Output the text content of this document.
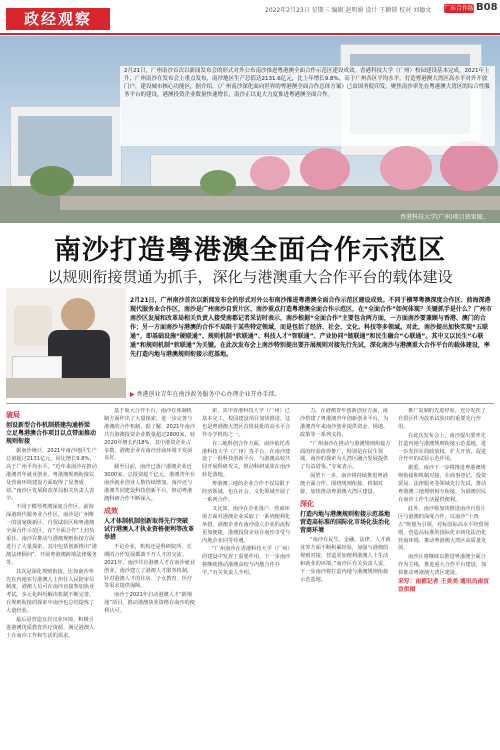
政经观察	2022年2月23日 星期三 编辑 赵明娟 设计 王颖锁 校对 刘德文 广东合作版 B08
2月21日，广州南沙首次以新闻发布会的形式对外公布南沙推进粤港澳全面合作示范区建设成效。香港科技大学（广州）校园建设基本完成，2021年上升，广州南沙在发布会上重点发布，南沙地区生产总值达2131.6亿元，比上年增长9.8%，高于广州各区平均水平。打造粤港澳大湾区高水平对外开放门户，建设城市核心功能区，据介绍，《广州南沙深化面向世界的粤港澳全面合作总体方案》已由国务院印发，聚焦南沙率先在粤港澳大湾区的综合性服务平台的建设，港澳投资企业数量快速增长，南沙正以更大力度推进粤港澳全面合作。
香港科技大学(广州)项目效果图。
南沙打造粤港澳全面合作示范区
以规则衔接贯通为抓手，深化与港澳重大合作平台的载体建设
2月21日，广州南沙首次以新闻发布会的形式对外公布南沙推进粤港澳全面合作示范区建设成效。不同于横琴粤澳深度合作区、前海深港现代服务业合作区，南沙是广州南沙自贸片区、南沙重点打造粤港澳全面合作示范区，在“全面合作”如何体现？关键抓手是什么？广州市南沙区发展和改革局相关负责人接受南都记者采访时表示，南沙根据“全面合作”主要包含两方面，一方面南沙要兼顾与香港、澳门的合作；另一方面南沙与港澳的合作不局限于某些特定领域，而是包括了经济、社会、文化、科技等多领域。对此，南沙提出加快实现“五联通”，即基础设施“硬联通”、规则机制“软联通”、科技人才“智联通”、产业协同“链联通”和民生融合“心联通”。其中又以民生“心联通”和规则机制“软联通”为关键。在此次发布会上南沙特别提出要开展规则对接先行先试，深化南沙与港澳重大合作平台的载体建设，率先打造内地与港澳规则衔接示范基地。
▶ 香港创业青年在南沙政务服务中心办理企业开办手续。
破局
创设新型合作机制搭建沟通桥梁 立足粤港澳合作项目以点带面推动规则衔接

据南沙统计，2021年南沙地区生产总值超过2131亿元，同比增长9.8%，高于广州平均水平。“近年来南沙在推动港澳青年就业创业、粤港澳规则衔接以及营商环境建设方面取得了显著成效。”南沙区发展和改革局相关负责人表示。

不同于横琴粤澳深度合作区、前海深港现代服务业合作区，南沙是广州唯一的国家级新区、自贸试验区和粤港澳全面合作示范区，在“全面合作”上肩负重任。南沙在推动与港澳规则衔接方面进行了大量探索，其中包括创新推出“港澳法律顾问”，开展粤港澳跨境法律服务等。

其次是深化规则衔接。比如南沙率先在内地实行港澳人士担任人民陪审员制度，港澳人员可在南沙直接参加执业考试。多元化纠纷解决机制不断完善，在规则衔接的探索中南沙也总结提炼了大量经验。

最后是营造宜居宜业环境，积极引进港澳优质教育医疗资源，满足港澳人士在南沙工作和生活的需求。

基于重大合作平台，南沙在体制机制方面作出了大量探索，进一步完善与港澳的合作机制。据了解，2021年南沙共有港澳投资企业数量超过2800家，较2020年增长约18%，其中港资企业占多数，港澳企业在南沙营商环境下发展良好。

截至目前，南沙已落户港澳企业近3000家，总投资超千亿元，港澳青年在南沙就业创业人数持续增加。南沙还与港澳共同建设科技创新平台，推动粤港澳科研合作不断深入。

成效
人才体制机制创新取得先行突破 试行港澳人才执业资格便利等改革举措

不论企业，机构还是科研院所，长期的合作发展都离不开人才的交流。2021年，南沙共有港澳人才在南沙就业创业，南沙建立了港澳人才服务机制，针对港澳人才的住房、子女教育、医疗等需求提供保障。

南沙于2021年启动港澳人才“跨境通”项目，推动港澳执业资格在南沙的便利认可。

索，其中香港科技大学（广州）已基本完工，校园建设项目加快推进。这也是粤港澳大湾区首批获批的高水平合作办学机构之一。

在三地科创合作方面，南沙依托香港科技大学（广州）等平台，在南沙建设了一批科技创新平台，与港澳高校共同开展科研攻关，推动科研成果在南沙转化落地。

粤港澳三地的企业合作不仅局限于经济领域，也在社会、文化领域开展了一系列合作。

又比如，南沙在企业落户、营商环境方面对港澳企业采取了一系列便利化举措，港澳企业在南沙设立企业的流程更加便捷。港澳投资企业在南沙享受与内地企业同等待遇。

“广州南沙在香港科技大学（广州）的建设中发挥了重要作用，下一步南沙将继续推动港澳高校与内地合作办学。”有关负责人介绍。

力。在港澳青年创新创业方面，南沙搭建了粤港澳青年创新创业平台，为港澳青年来南沙创业提供资金、场地、政策等一系列支持。

“广州南沙在推动与港澳规则衔接方面的经验值得推广，特别是在民生领域，南沙的探索为大湾区融合发展提供了有益借鉴。”专家表示。

展望下一步，南沙将持续推进粤港澳全面合作，围绕规则衔接、机制对接，加快推动粤港澳大湾区建设。

深化
打造内地与港澳规则衔接示范基地 营造高标准的国际化市场化法治化营商环境

“南沙在民生、金融、法律、人才就业等方面不断积累经验，加强与港澳的规则对接，营造更加便利港澳人士生活和就业的环境。”南沙区有关负责人说，下一步南沙将打造内地与港澳规则衔接示范基地。

推广复制的先进经验，充分发挥了自贸区作为改革试验田的重要先行作用。

在此次发布会上，南沙提出要率先打造内地与港澳规则衔接示范基地，进一步发挥在简政放权、扩大开放、促进合作中的试验示范作用。

据悉，南沙下一步将推进粤港澳规则衔接和机制对接，在商事登记、投资贸易、法律服务等领域先行先试，推动粤港澳三地规则相互衔接，为港澳居民在南沙工作生活提供便利。

此外，南沙将加快推进南沙自贸片区与港澳的深度合作，以南沙“十四五”规划为引领，对标国际高水平经贸规则，营造高标准的国际化市场化法治化营商环境，推动粤港澳大湾区高质量发展。

南沙区将继续以推进粤港澳全面合作为主线，推进重大合作平台建设，加快推动粤港澳大湾区建设。

采写：南都记者 王美美 通讯员南宣宣供图
